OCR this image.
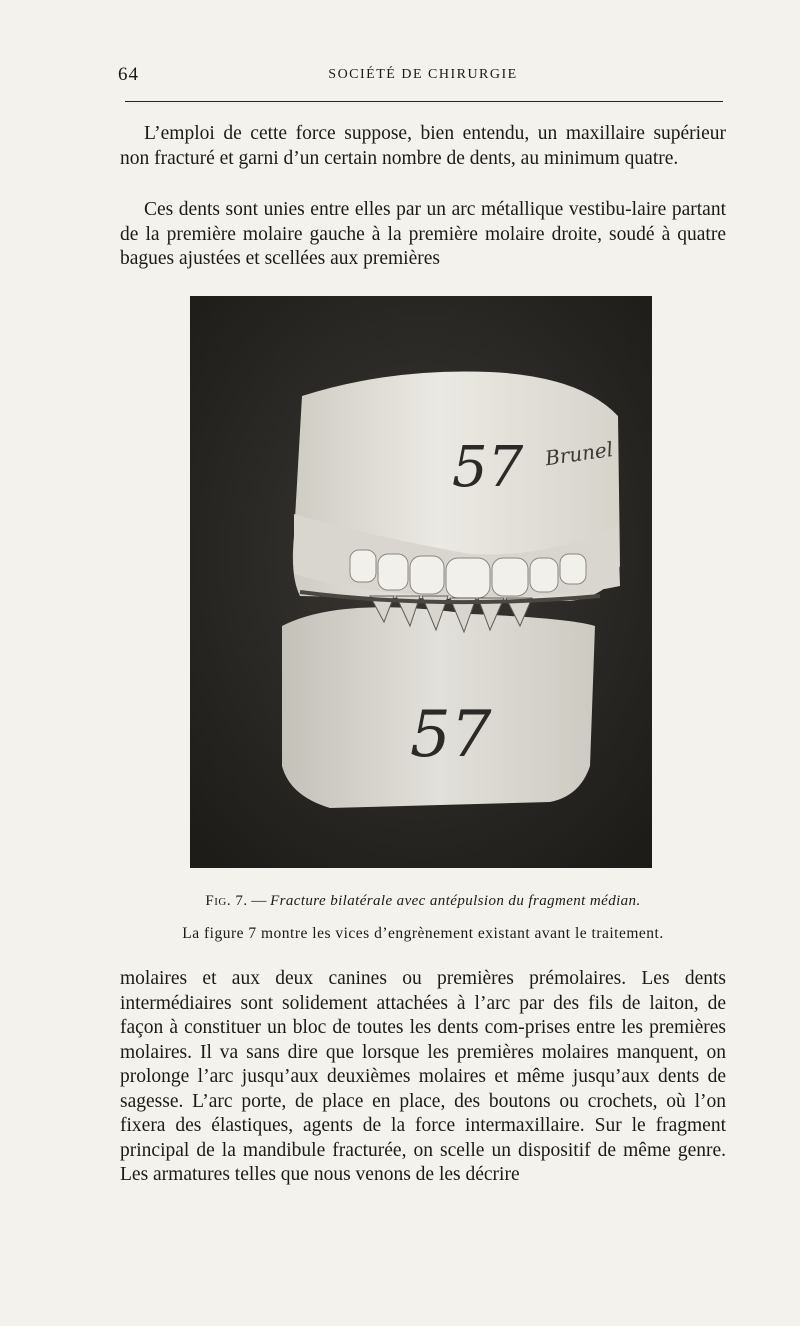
64	SOCIÉTÉ DE CHIRURGIE

L’emploi de cette force suppose, bien entendu, un maxillaire supérieur non fracturé et garni d’un certain nombre de dents, au minimum quatre.

Ces dents sont unies entre elles par un arc métallique vestibu-laire partant de la première molaire gauche à la première molaire droite, soudé à quatre bagues ajustées et scellées aux premières

57 Brunel
57

Fig. 7. — Fracture bilatérale avec antépulsion du fragment médian.

La figure 7 montre les vices d’engrènement existant avant le traitement.

molaires et aux deux canines ou premières prémolaires. Les dents intermédiaires sont solidement attachées à l’arc par des fils de laiton, de façon à constituer un bloc de toutes les dents com-prises entre les premières molaires. Il va sans dire que lorsque les premières molaires manquent, on prolonge l’arc jusqu’aux deuxièmes molaires et même jusqu’aux dents de sagesse. L’arc porte, de place en place, des boutons ou crochets, où l’on fixera des élastiques, agents de la force intermaxillaire. Sur le fragment principal de la mandibule fracturée, on scelle un dispositif de même genre. Les armatures telles que nous venons de les décrire
